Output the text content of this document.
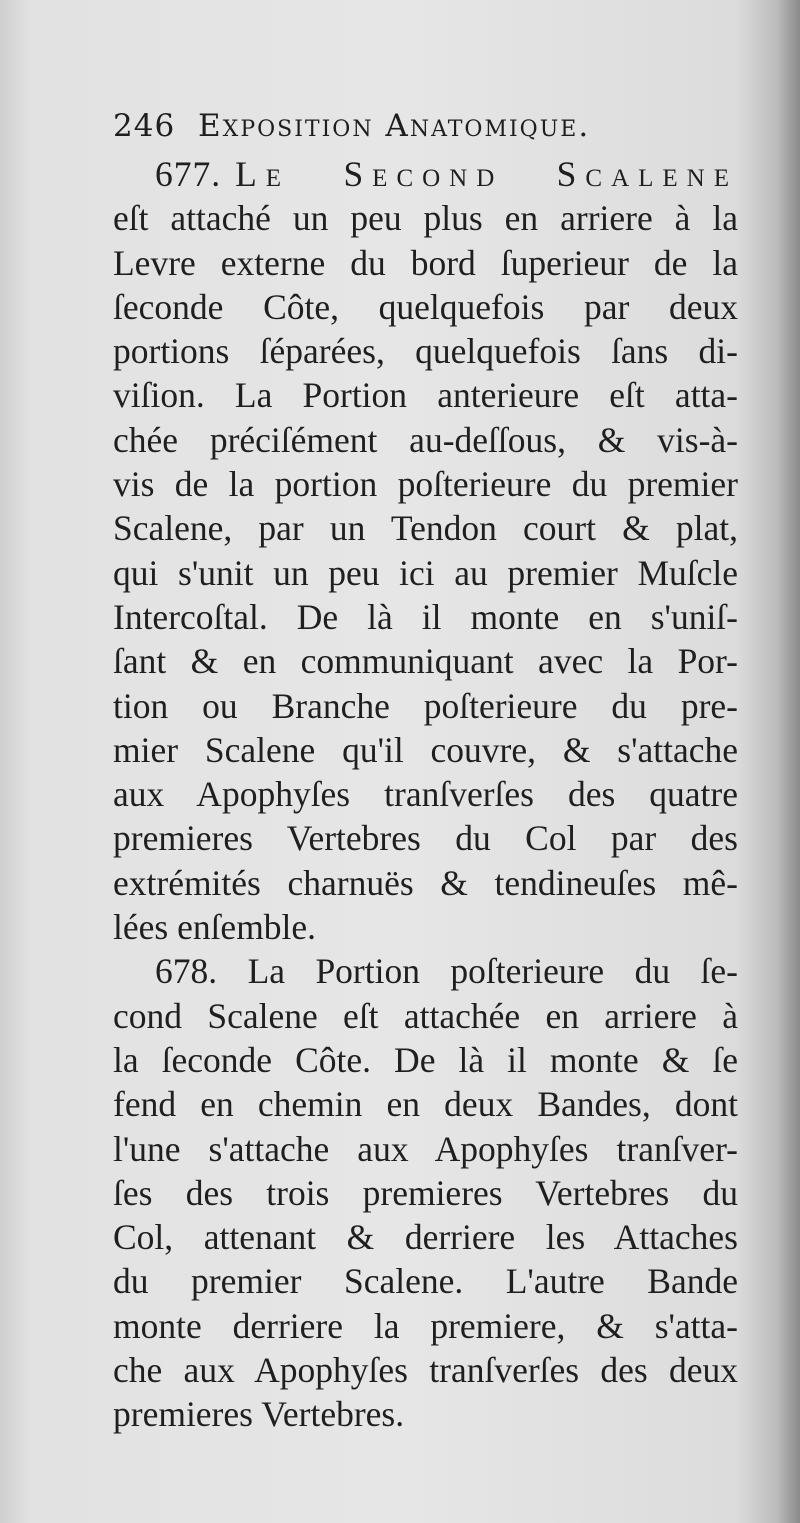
246 Exposition Anatomique.
677. Le Second Scalene
eſt attaché un peu plus en arriere à la
Levre externe du bord ſuperieur de la
ſeconde Côte, quelquefois par deux
portions ſéparées, quelquefois ſans di-
viſion. La Portion anterieure eſt atta-
chée préciſément au-deſſous, & vis-à-
vis de la portion poſterieure du premier
Scalene, par un Tendon court & plat,
qui s'unit un peu ici au premier Muſcle
Intercoſtal. De là il monte en s'uniſ-
ſant & en communiquant avec la Por-
tion ou Branche poſterieure du pre-
mier Scalene qu'il couvre, & s'attache
aux Apophyſes tranſverſes des quatre
premieres Vertebres du Col par des
extrémités charnuës & tendineuſes mê-
lées enſemble.
678. La Portion poſterieure du ſe-
cond Scalene eſt attachée en arriere à
la ſeconde Côte. De là il monte & ſe
fend en chemin en deux Bandes, dont
l'une s'attache aux Apophyſes tranſver-
ſes des trois premieres Vertebres du
Col, attenant & derriere les Attaches
du premier Scalene. L'autre Bande
monte derriere la premiere, & s'atta-
che aux Apophyſes tranſverſes des deux
premieres Vertebres.
